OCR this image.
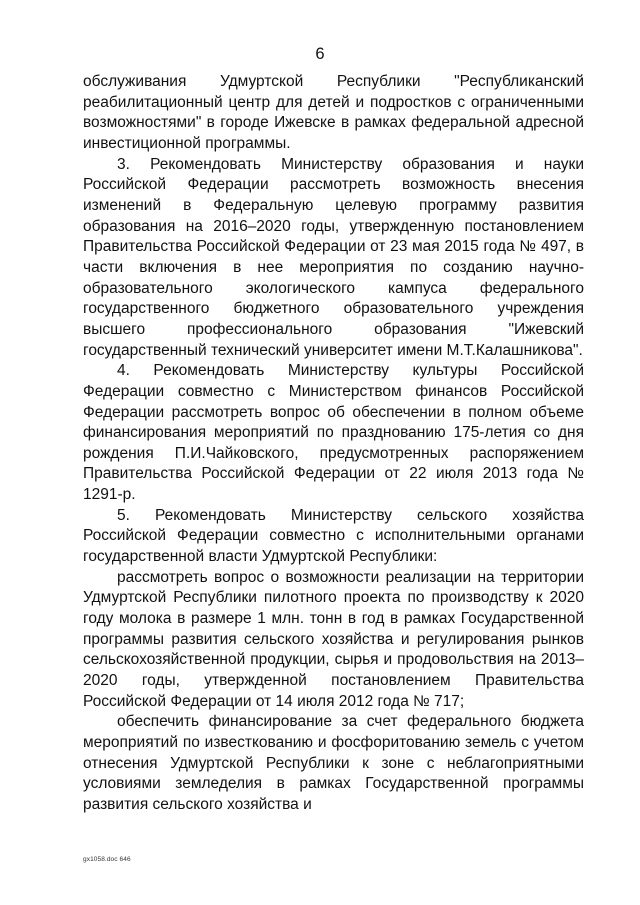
6

обслуживания Удмуртской Республики "Республиканский реабилитационный центр для детей и подростков с ограниченными возможностями" в городе Ижевске в рамках федеральной адресной инвестиционной программы.

3. Рекомендовать Министерству образования и науки Российской Федерации рассмотреть возможность внесения изменений в Федеральную целевую программу развития образования на 2016–2020 годы, утвержденную постановлением Правительства Российской Федерации от 23 мая 2015 года № 497, в части включения в нее мероприятия по созданию научно-образовательного экологического кампуса федерального государственного бюджетного образовательного учреждения высшего профессионального образования "Ижевский государственный технический университет имени М.Т.Калашникова".

4. Рекомендовать Министерству культуры Российской Федерации совместно с Министерством финансов Российской Федерации рассмотреть вопрос об обеспечении в полном объеме финансирования мероприятий по празднованию 175-летия со дня рождения П.И.Чайковского, предусмотренных распоряжением Правительства Российской Федерации от 22 июля 2013 года № 1291-р.

5. Рекомендовать Министерству сельского хозяйства Российской Федерации совместно с исполнительными органами государственной власти Удмуртской Республики:

рассмотреть вопрос о возможности реализации на территории Удмуртской Республики пилотного проекта по производству к 2020 году молока в размере 1 млн. тонн в год в рамках Государственной программы развития сельского хозяйства и регулирования рынков сельскохозяйственной продукции, сырья и продовольствия на 2013–2020 годы, утвержденной постановлением Правительства Российской Федерации от 14 июля 2012 года № 717;

обеспечить финансирование за счет федерального бюджета мероприятий по известкованию и фосфоритованию земель с учетом отнесения Удмуртской Республики к зоне с неблагоприятными условиями земледелия в рамках Государственной программы развития сельского хозяйства и

gx1058.doc 646
